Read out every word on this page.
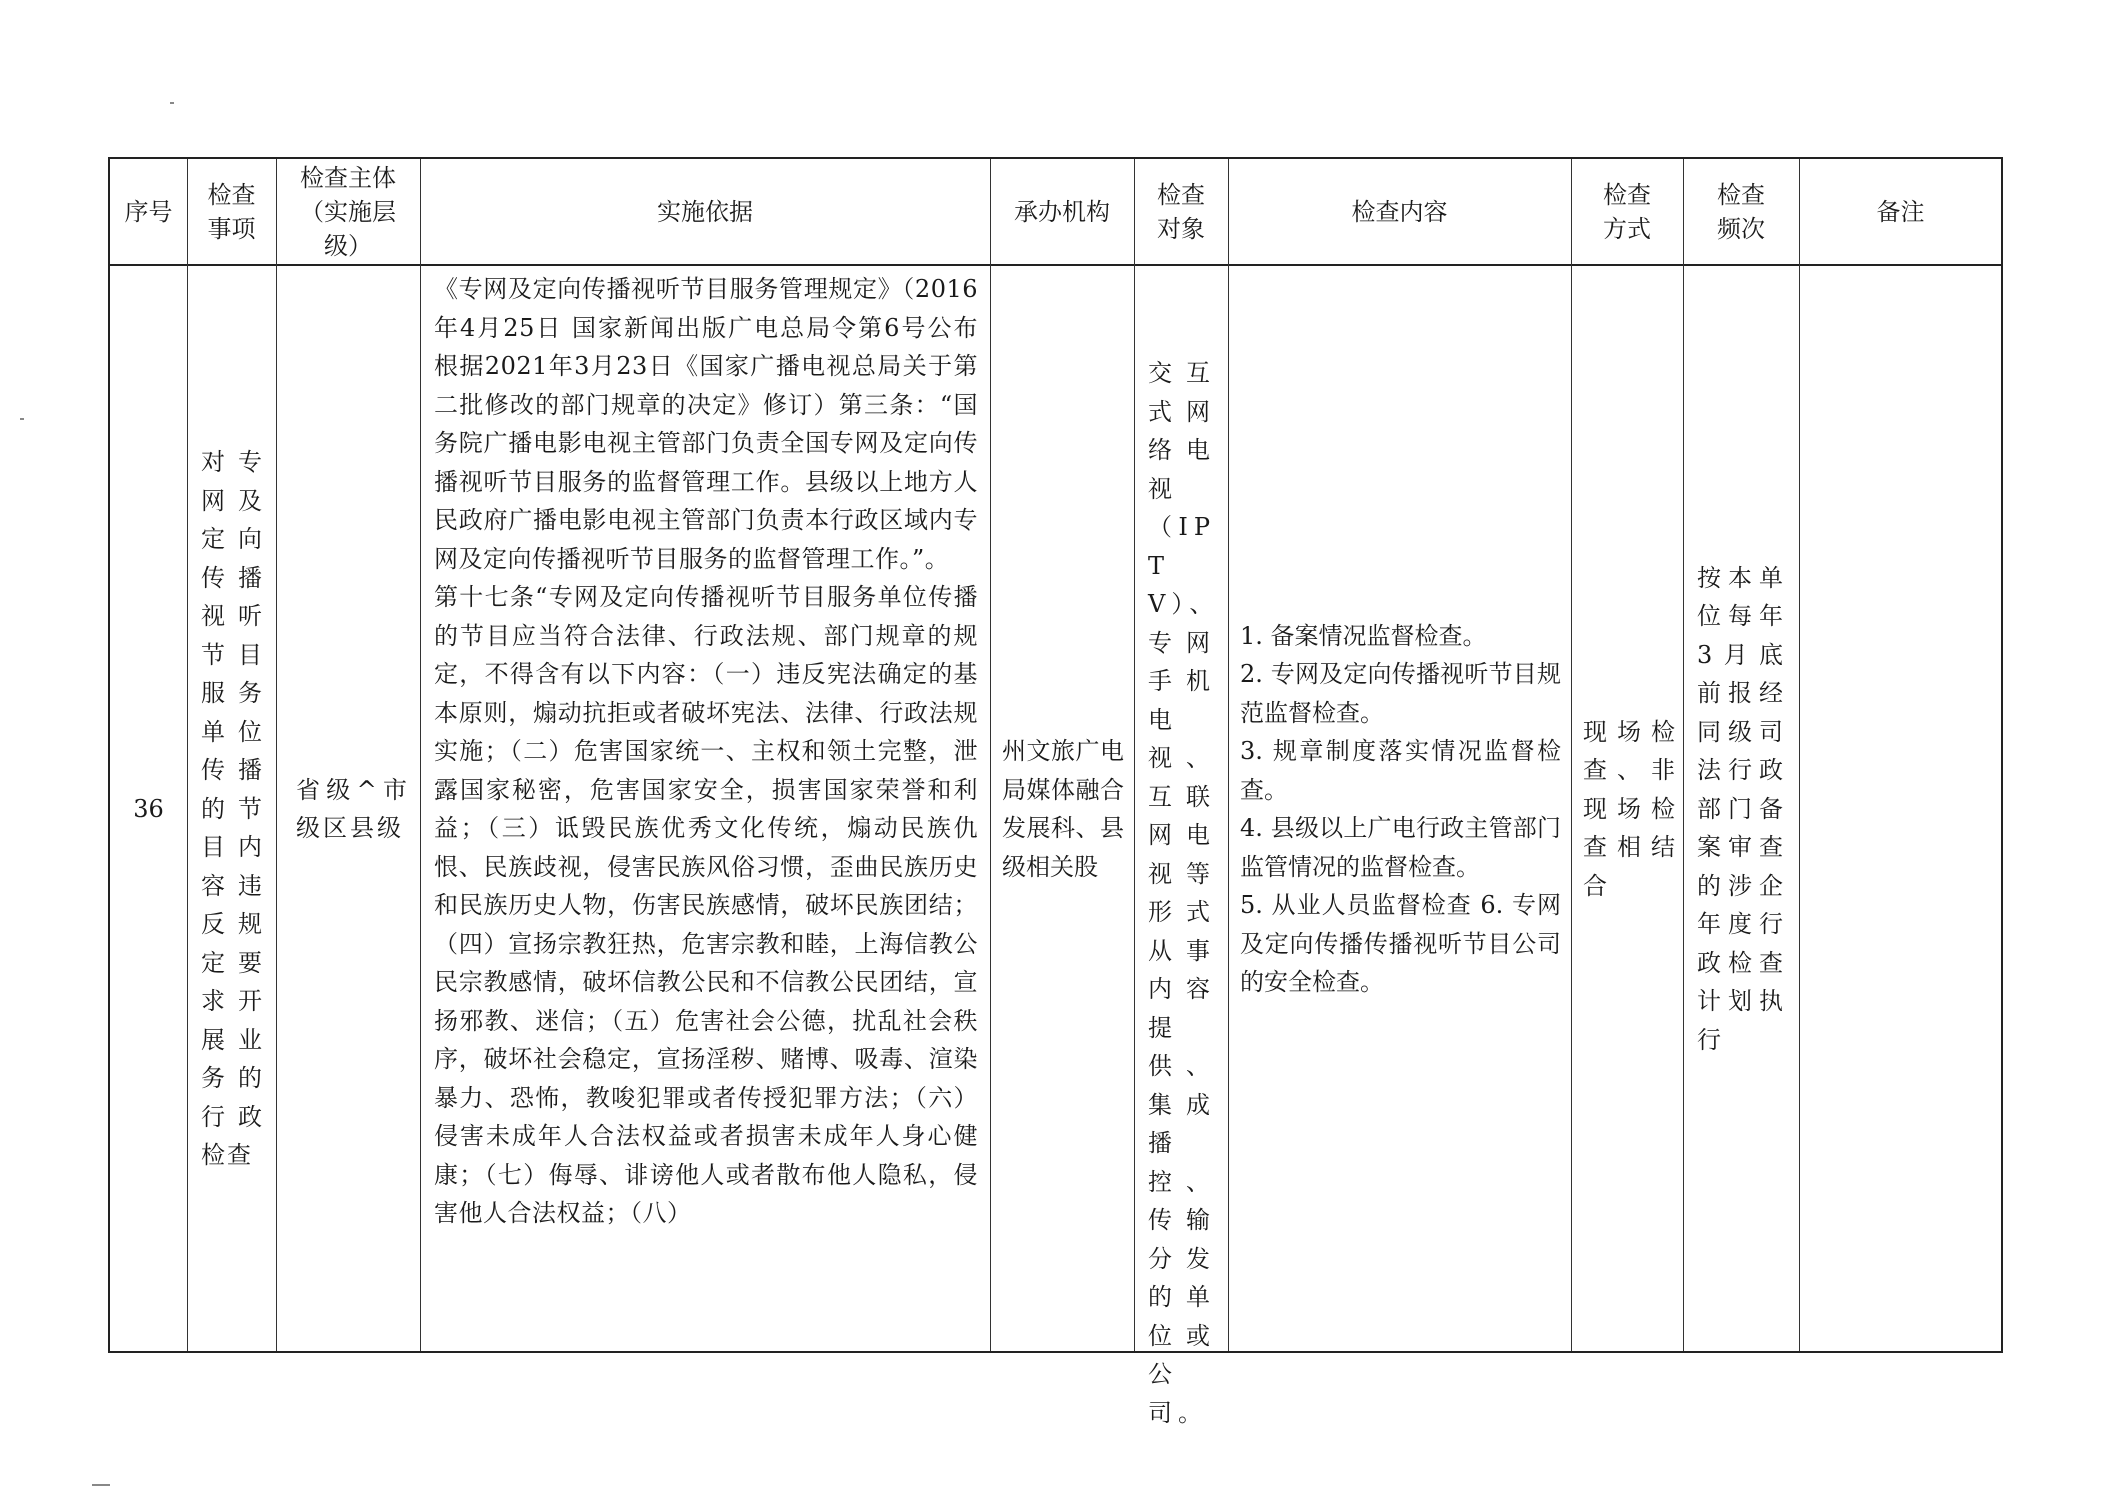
序号
检查
事项
检查主体
（实施层
级）
实施依据	承办机构
检查
对象
检查内容
检查
方式
检查
频次
备注
36
对专网及定向传播视听节目服务单位传播的节目内容违反规定要求开展业务的行政检查
省级^市级区县级
《专网及定向传播视听节目服务管理规定》（2016年4月25日 国家新闻出版广电总局令第6号公布 根据2021年3月23日《国家广播电视总局关于第二批修改的部门规章的决定》修订）第三条：“国务院广播电影电视主管部门负责全国专网及定向传播视听节目服务的监督管理工作。县级以上地方人民政府广播电影电视主管部门负责本行政区域内专网及定向传播视听节目服务的监督管理工作。”。
第十七条“专网及定向传播视听节目服务单位传播的节目应当符合法律、行政法规、部门规章的规定，不得含有以下内容：（一）违反宪法确定的基本原则，煽动抗拒或者破坏宪法、法律、行政法规实施；（二）危害国家统一、主权和领土完整，泄露国家秘密，危害国家安全，损害国家荣誉和利益；（三）诋毁民族优秀文化传统，煽动民族仇恨、民族歧视，侵害民族风俗习惯，歪曲民族历史和民族历史人物，伤害民族感情，破坏民族团结；（四）宣扬宗教狂热，危害宗教和睦，上海信教公民宗教感情，破坏信教公民和不信教公民团结，宣扬邪教、迷信；（五）危害社会公德，扰乱社会秩序，破坏社会稳定，宣扬淫秽、赌博、吸毒、渲染暴力、恐怖，教唆犯罪或者传授犯罪方法；（六）侵害未成年人合法权益或者损害未成年人身心健康；（七）侮辱、诽谤他人或者散布他人隐私，侵害他人合法权益；（八）
州文旅广电局媒体融合发展科、县级相关股
交互式网络电视（IPTV）、专网手机电视、互联网电视等形式从事内容提供、集成播控、传输分发的单位或公司。
1. 备案情况监督检查。
2. 专网及定向传播视听节目规范监督检查。
3. 规章制度落实情况监督检查。
4. 县级以上广电行政主管部门监管情况的监督检查。
5. 从业人员监督检查 6. 专网及定向传播传播视听节目公司的安全检查。
现场检查、非现场检查相结合
按本单位每年3月底前报经同级司法行政部门备案审查的涉企年度行政检查计划执行
